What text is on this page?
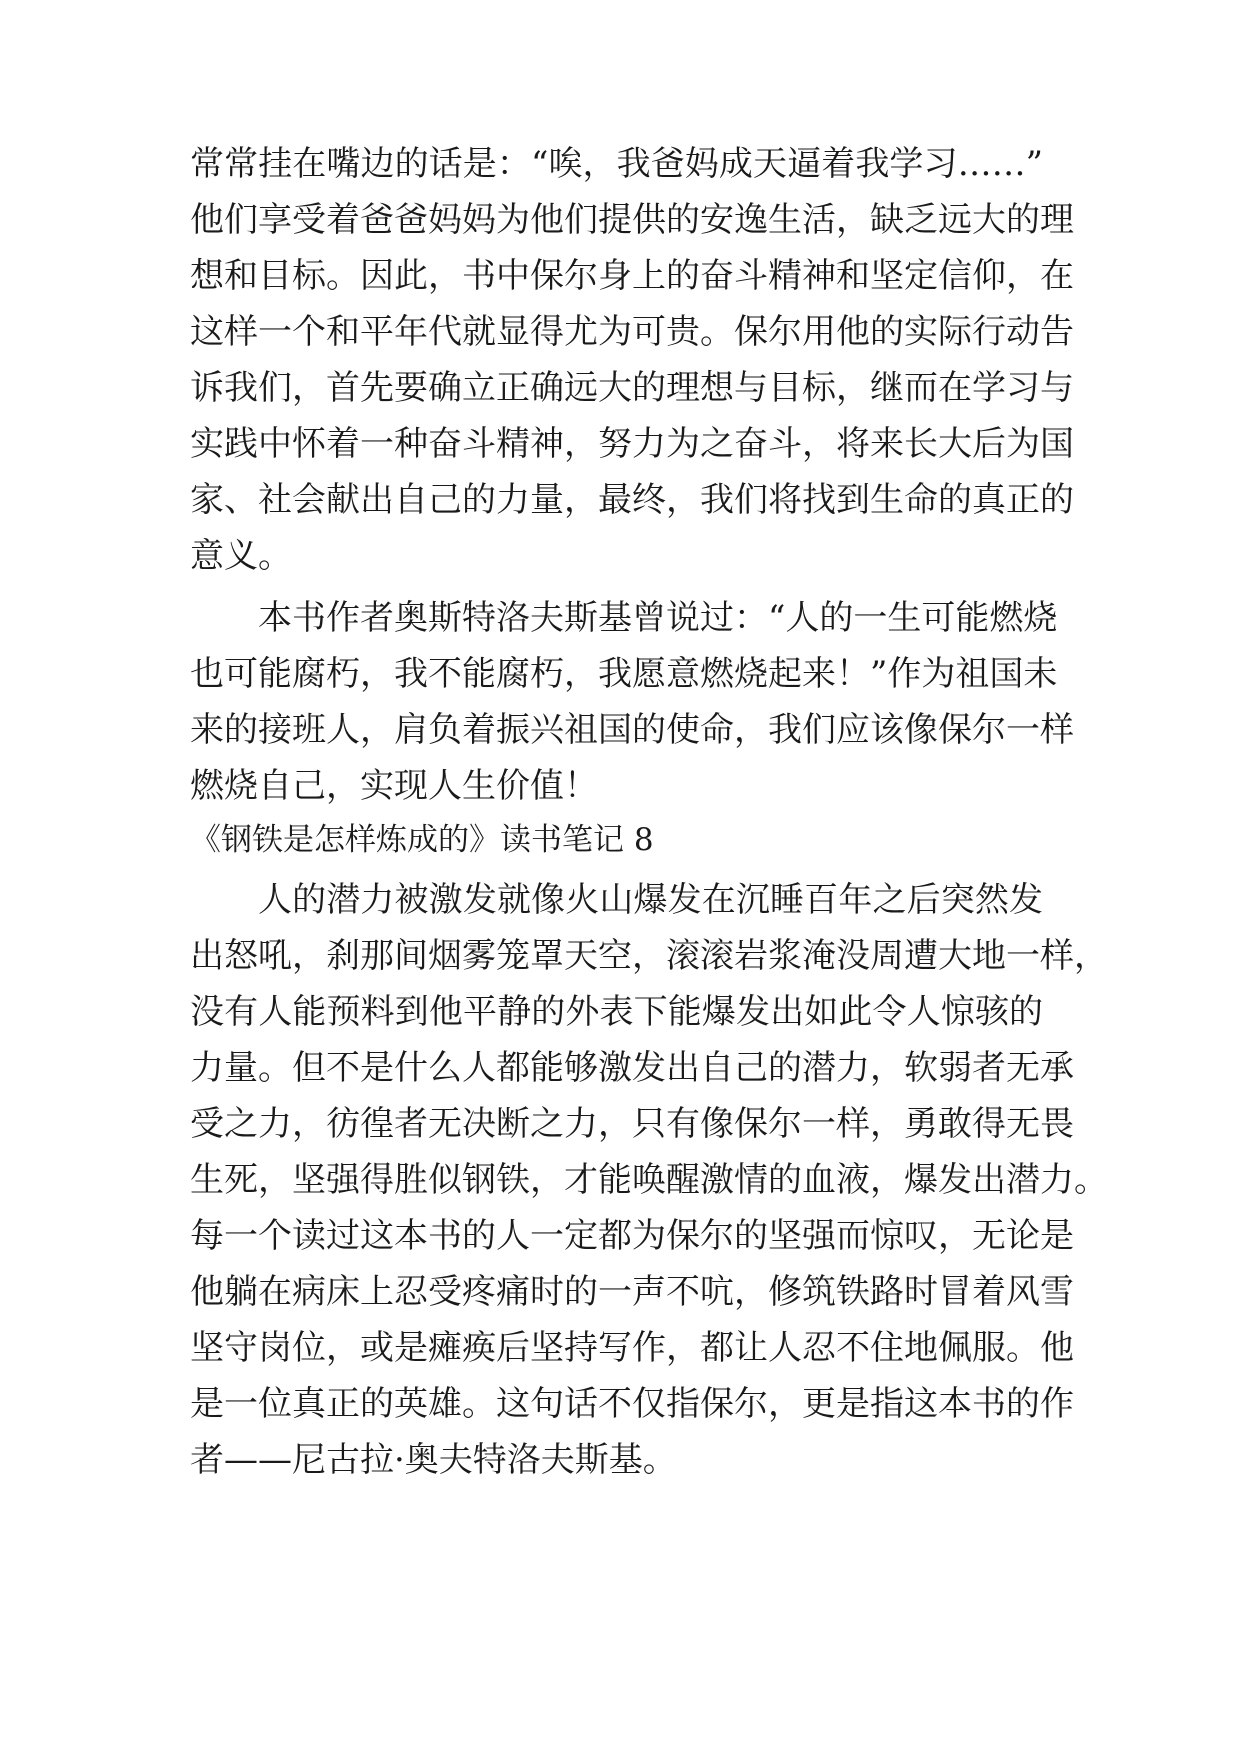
常常挂在嘴边的话是：“唉，我爸妈成天逼着我学习……”
他们享受着爸爸妈妈为他们提供的安逸生活，缺乏远大的理
想和目标。因此，书中保尔身上的奋斗精神和坚定信仰，在
这样一个和平年代就显得尤为可贵。保尔用他的实际行动告
诉我们，首先要确立正确远大的理想与目标，继而在学习与
实践中怀着一种奋斗精神，努力为之奋斗，将来长大后为国
家、社会献出自己的力量，最终，我们将找到生命的真正的
意义。
本书作者奥斯特洛夫斯基曾说过：“人的一生可能燃烧
也可能腐朽，我不能腐朽，我愿意燃烧起来！”作为祖国未
来的接班人，肩负着振兴祖国的使命，我们应该像保尔一样
燃烧自己，实现人生价值！
《钢铁是怎样炼成的》读书笔记 8
人的潜力被激发就像火山爆发在沉睡百年之后突然发
出怒吼，刹那间烟雾笼罩天空，滚滚岩浆淹没周遭大地一样，
没有人能预料到他平静的外表下能爆发出如此令人惊骇的
力量。但不是什么人都能够激发出自己的潜力，软弱者无承
受之力，彷徨者无决断之力，只有像保尔一样，勇敢得无畏
生死，坚强得胜似钢铁，才能唤醒激情的血液，爆发出潜力。
每一个读过这本书的人一定都为保尔的坚强而惊叹，无论是
他躺在病床上忍受疼痛时的一声不吭，修筑铁路时冒着风雪
坚守岗位，或是瘫痪后坚持写作，都让人忍不住地佩服。他
是一位真正的英雄。这句话不仅指保尔，更是指这本书的作
者——尼古拉·奥夫特洛夫斯基。
